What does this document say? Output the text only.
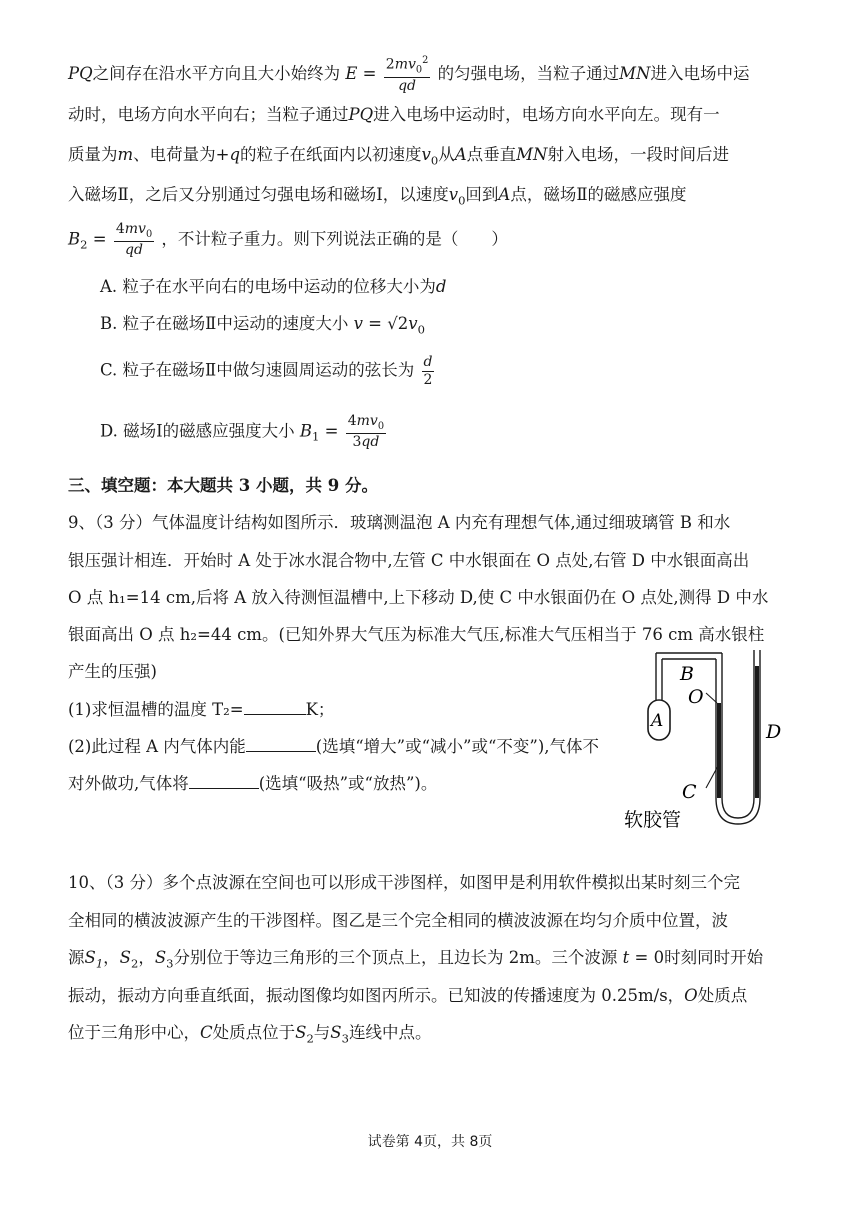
PQ之间存在沿水平方向且大小始终为 $E = \frac{2mv_0^2}{qd}$ 的匀强电场，当粒子通过MN进入电场中运
动时，电场方向水平向右；当粒子通过PQ进入电场中运动时，电场方向水平向左。现有一
质量为m、电荷量为+q的粒子在纸面内以初速度$v_0$从A点垂直MN射入电场，一段时间后进
入磁场Ⅱ，之后又分别通过匀强电场和磁场Ⅰ，以速度$v_0$回到A点，磁场Ⅱ的磁感应强度
$B_2 = \frac{4mv_0}{qd}$ ，不计粒子重力。则下列说法正确的是（　　）
A. 粒子在水平向右的电场中运动的位移大小为d
B. 粒子在磁场Ⅱ中运动的速度大小 $v = √2v_0$
C. 粒子在磁场Ⅱ中做匀速圆周运动的弦长为 $\frac{d}{2}$
D. 磁场Ⅰ的磁感应强度大小 $B_1 = \frac{4mv_0}{3qd}$
三、填空题：本大题共 3 小题，共 9 分。
9、（3 分）气体温度计结构如图所示．玻璃测温泡 A 内充有理想气体,通过细玻璃管 B 和水
银压强计相连．开始时 A 处于冰水混合物中,左管 C 中水银面在 O 点处,右管 D 中水银面高出
O 点 h₁=14 cm,后将 A 放入待测恒温槽中,上下移动 D,使 C 中水银面仍在 O 点处,测得 D 中水
银面高出 O 点 h₂=44 cm。(已知外界大气压为标准大气压,标准大气压相当于 76 cm 高水银柱
产生的压强)
(1)求恒温槽的温度 T₂=	K；
(2)此过程 A 内气体内能	(选填“增大”或“减小”或“不变”),气体不
对外做功,气体将	(选填“吸热”或“放热”)。
A
B
O
C
D
软胶管
10、（3 分）多个点波源在空间也可以形成干涉图样，如图甲是利用软件模拟出某时刻三个完
全相同的横波波源产生的干涉图样。图乙是三个完全相同的横波波源在均匀介质中位置，波
源$S_1$，$S_2$，$S_3$分别位于等边三角形的三个顶点上，且边长为 2m。三个波源 t = 0时刻同时开始
振动，振动方向垂直纸面，振动图像均如图丙所示。已知波的传播速度为 0.25m/s，O处质点
位于三角形中心，C处质点位于$S_2$与$S_3$连线中点。
试卷第 4页，共 8页
